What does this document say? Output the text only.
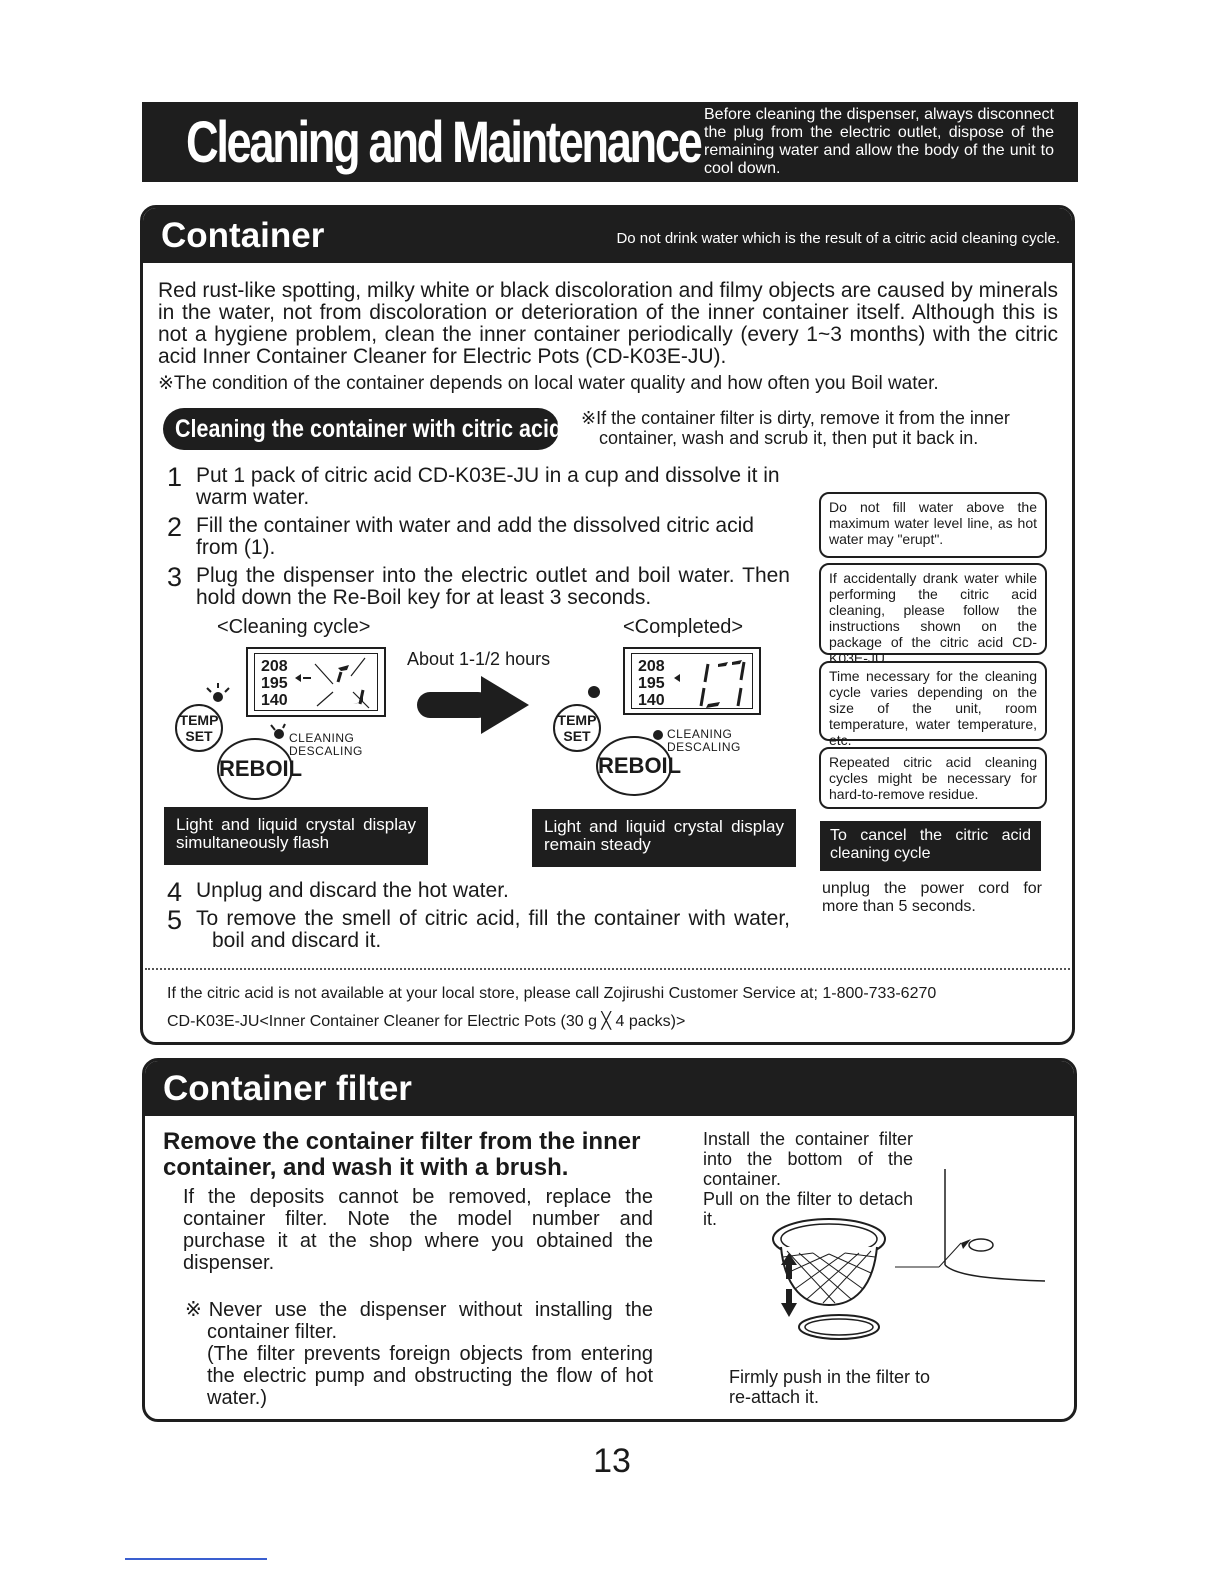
Cleaning and Maintenance Before cleaning the dispenser, always disconnect the plug from the electric outlet, dispose of the remaining water and allow the body of the unit to cool down.
Container	Do not drink water which is the result of a citric acid cleaning cycle.
Red rust-like spotting, milky white or black discoloration and filmy objects are caused by minerals in the water, not from discoloration or deterioration of the inner container itself. Although this is not a hygiene problem, clean the inner container periodically (every 1~3 months) with the citric acid Inner Container Cleaner for Electric Pots (CD-K03E-JU).
※The condition of the container depends on local water quality and how often you Boil water.
Cleaning the container with citric acid ※If the container filter is dirty, remove it from the inner container, wash and scrub it, then put it back in.
1 Put 1 pack of citric acid CD-K03E-JU in a cup and dissolve it in warm water.
2 Fill the container with water and add the dissolved citric acid from (1).
3 Plug the dispenser into the electric outlet and boil water. Then hold down the Re-Boil key for at least 3 seconds.
<Cleaning cycle>	<Completed>
About 1-1/2 hours
208
195
140
TEMP
SET
REBOIL
CLEANING
DESCALING
208
195
140
TEMP
SET
REBOIL
CLEANING
DESCALING
Light and liquid crystal display simultaneously flash
Light and liquid crystal display remain steady
4 Unplug and discard the hot water.
5 To remove the smell of citric acid, fill the container with water, boil and discard it.
Do not fill water above the maximum water level line, as hot water may "erupt".
If accidentally drank water while performing the citric acid cleaning, please follow the instructions shown on the package of the citric acid CD-K03E-JU.
Time necessary for the cleaning cycle varies depending on the size of the unit, room temperature, water temperature, etc.
Repeated citric acid cleaning cycles might be necessary for hard-to-remove residue.
To cancel the citric acid cleaning cycle
unplug the power cord for more than 5 seconds.
If the citric acid is not available at your local store, please call Zojirushi Customer Service at; 1-800-733-6270
CD-K03E-JU<Inner Container Cleaner for Electric Pots (30 g ╳ 4 packs)>
Container filter
Remove the container filter from the inner container, and wash it with a brush.
If the deposits cannot be removed, replace the container filter. Note the model number and purchase it at the shop where you obtained the dispenser.
※Never use the dispenser without installing the container filter.
(The filter prevents foreign objects from entering the electric pump and obstructing the flow of hot water.)
Install the container filter into the bottom of the container.
Pull on the filter to detach it.
Firmly push in the filter to re-attach it.
13
